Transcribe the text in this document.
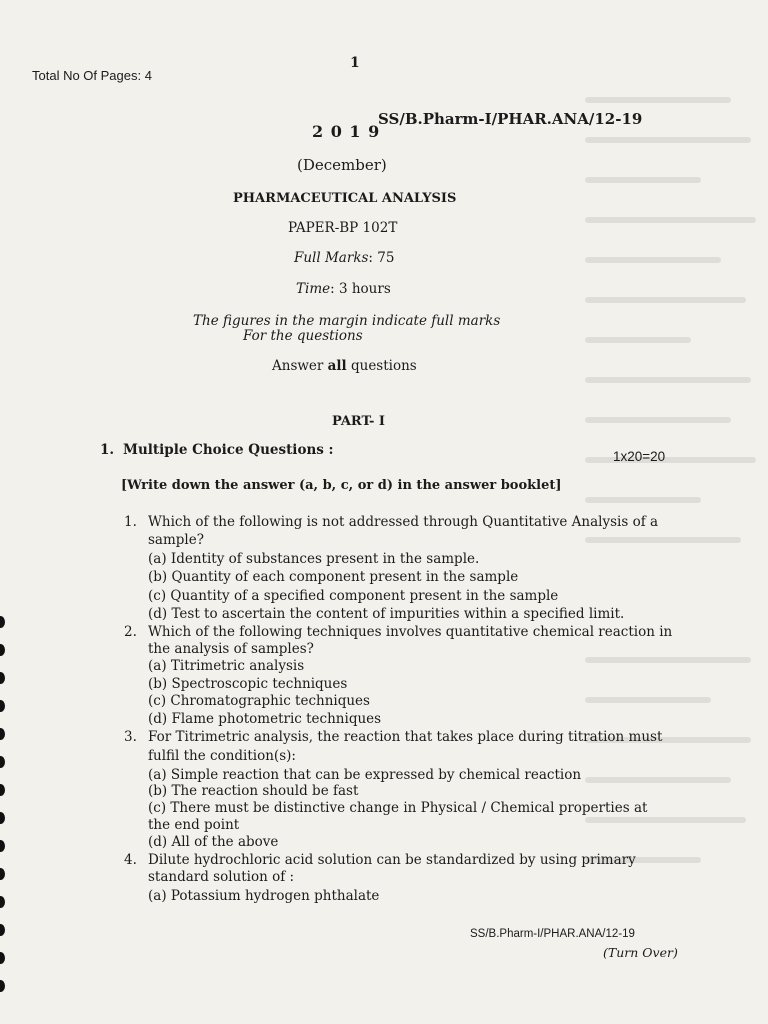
1
Total No Of Pages: 4
SS/B.Pharm-I/PHAR.ANA/12-19
2 0 1 9
(December)
PHARMACEUTICAL ANALYSIS
PAPER-BP 102T
Full Marks: 75
Time: 3 hours
The figures in the margin indicate full marks
For the questions
Answer all questions
PART- I
1. Multiple Choice Questions :	1x20=20
[Write down the answer (a, b, c, or d) in the answer booklet]
1. Which of the following is not addressed through Quantitative Analysis of a
sample?
(a) Identity of substances present in the sample.
(b) Quantity of each component present in the sample
(c) Quantity of a specified component present in the sample
(d) Test to ascertain the content of impurities within a specified limit.
2. Which of the following techniques involves quantitative chemical reaction in
the analysis of samples?
(a) Titrimetric analysis
(b) Spectroscopic techniques
(c) Chromatographic techniques
(d) Flame photometric techniques
3. For Titrimetric analysis, the reaction that takes place during titration must
fulfil the condition(s):
(a) Simple reaction that can be expressed by chemical reaction
(b) The reaction should be fast
(c) There must be distinctive change in Physical / Chemical properties at
the end point
(d) All of the above
4. Dilute hydrochloric acid solution can be standardized by using primary
standard solution of :
(a) Potassium hydrogen phthalate
SS/B.Pharm-I/PHAR.ANA/12-19
(Turn Over)
